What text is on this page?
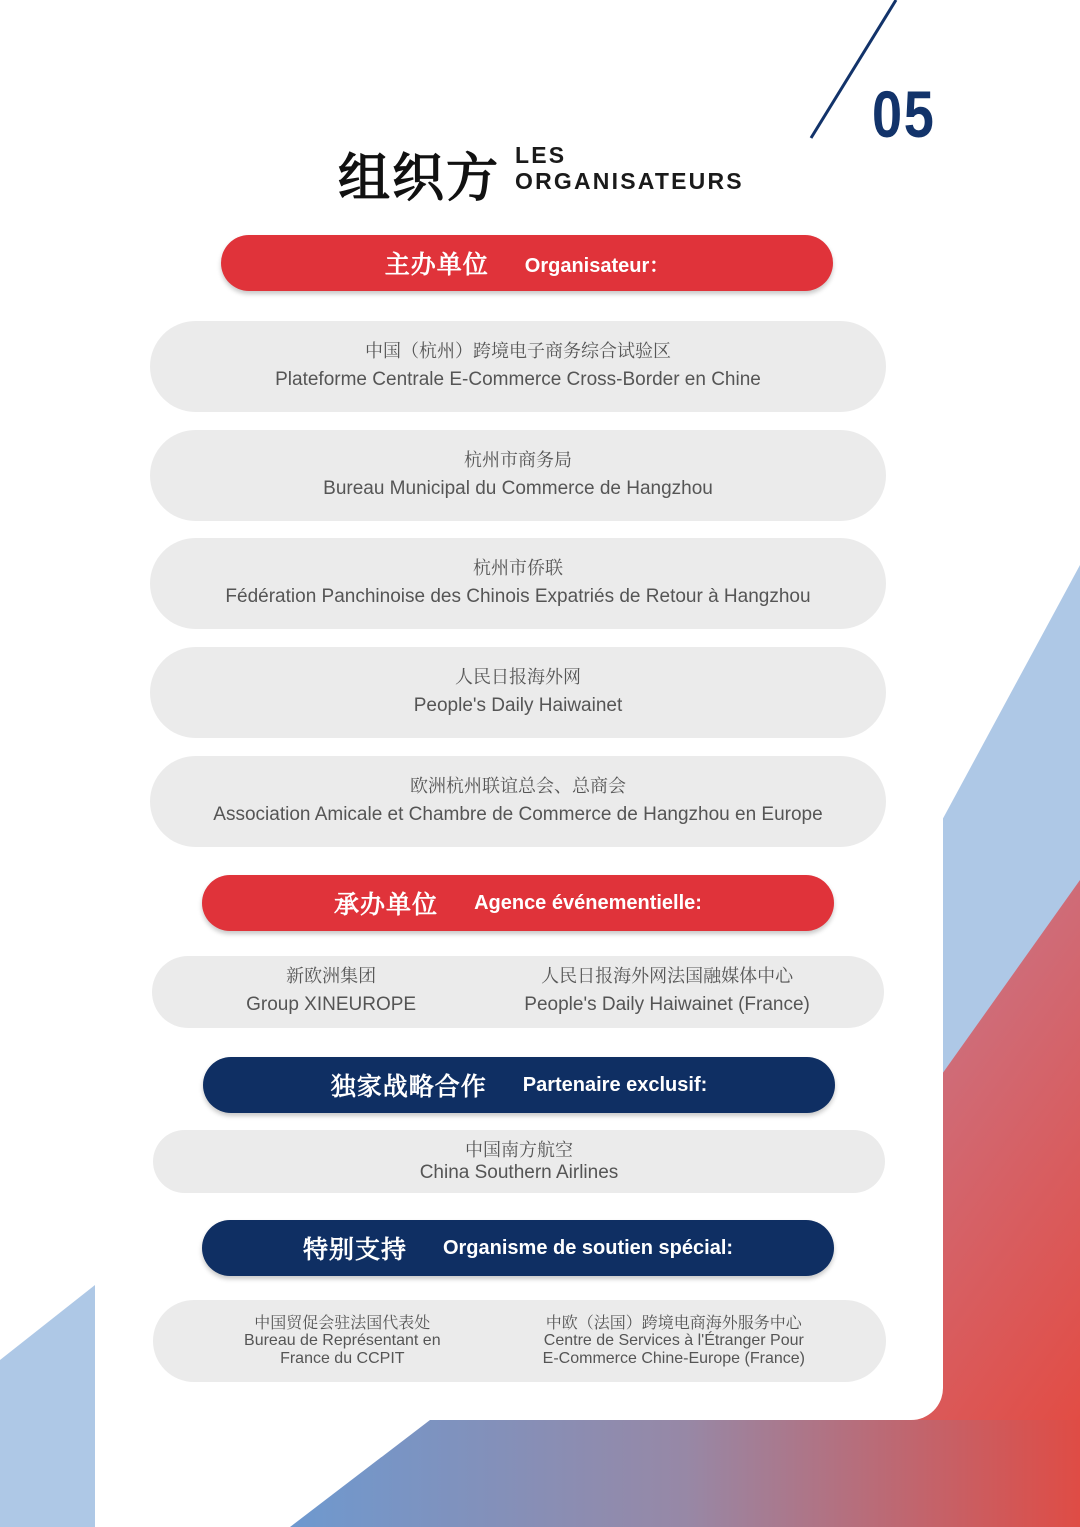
05
组织方 LES
ORGANISATEURS
主办单位 Organisateur：
中国（杭州）跨境电子商务综合试验区
Plateforme Centrale E-Commerce Cross-Border en Chine
杭州市商务局
Bureau Municipal du Commerce de Hangzhou
杭州市侨联
Fédération Panchinoise des Chinois Expatriés de Retour à Hangzhou
人民日报海外网
People's Daily Haiwainet
欧洲杭州联谊总会、总商会
Association Amicale et Chambre de Commerce de Hangzhou en Europe
承办单位 Agence événementielle:
新欧洲集团
Group XINEUROPE
人民日报海外网法国融媒体中心
People's Daily Haiwainet (France)
独家战略合作 Partenaire exclusif:
中国南方航空
China Southern Airlines
特别支持 Organisme de soutien spécial:
中国贸促会驻法国代表处
Bureau de Représentant en
France du CCPIT
中欧（法国）跨境电商海外服务中心
Centre de Services à l'Étranger Pour
E-Commerce Chine-Europe (France)
